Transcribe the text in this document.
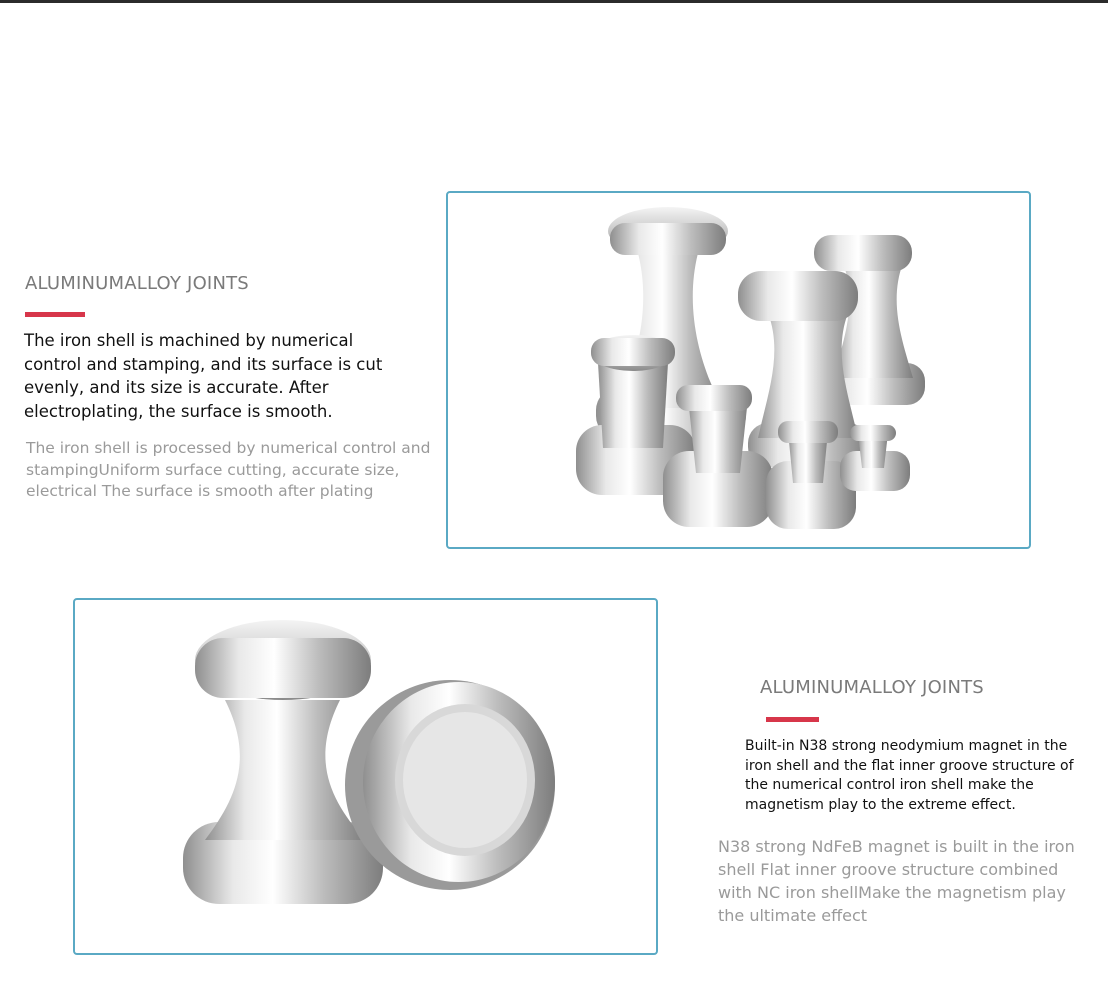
ALUMINUMALLOY JOINTS
The iron shell is machined by numerical control and stamping, and its surface is cut evenly, and its size is accurate. After electroplating, the surface is smooth.
The iron shell is processed by numerical control and stampingUniform surface cutting, accurate size, electrical The surface is smooth after plating
ALUMINUMALLOY JOINTS
Built-in N38 strong neodymium magnet in the iron shell and the flat inner groove structure of the numerical control iron shell make the magnetism play to the extreme effect.
N38 strong NdFeB magnet is built in the iron shell Flat inner groove structure combined with NC iron shellMake the magnetism play the ultimate effect
